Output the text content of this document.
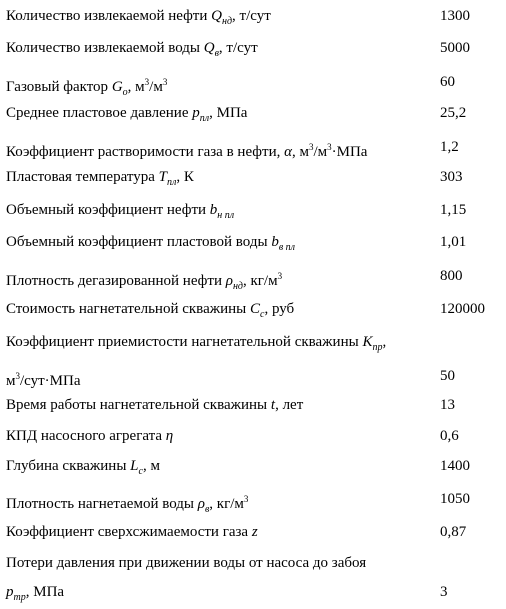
Количество извлекаемой нефти $Q_{нд}$, т/сут	1300
Количество извлекаемой воды $Q_в$, т/сут	5000
Газовый фактор $G_o$, $м^3/м^3$	60
Среднее пластовое давление $p_{пл}$, МПа	25,2
Коэффициент растворимости газа в нефти, α, $м^3/м^3\cdot МПа$	1,2
Пластовая температура $T_{пл}$, К	303
Объемный коэффициент нефти $b_{н пл}$	1,15
Объемный коэффициент пластовой воды $b_{в пл}$	1,01
Плотность дегазированной нефти $\rho_{нд}$, $кг/м^3$	800
Стоимость нагнетательной скважины $C_с$, руб	120000
Коэффициент приемистости нагнетательной скважины $K_{пр}$,
$м^3/сут\cdot МПа$	50
Время работы нагнетательной скважины t, лет	13
КПД насосного агрегата η	0,6
Глубина скважины $L_с$, м	1400
Плотность нагнетаемой воды $\rho_в$, $кг/м^3$	1050
Коэффициент сверхсжимаемости газа z	0,87
Потери давления при движении воды от насоса до забоя
$p_{тр}$, МПа	3
